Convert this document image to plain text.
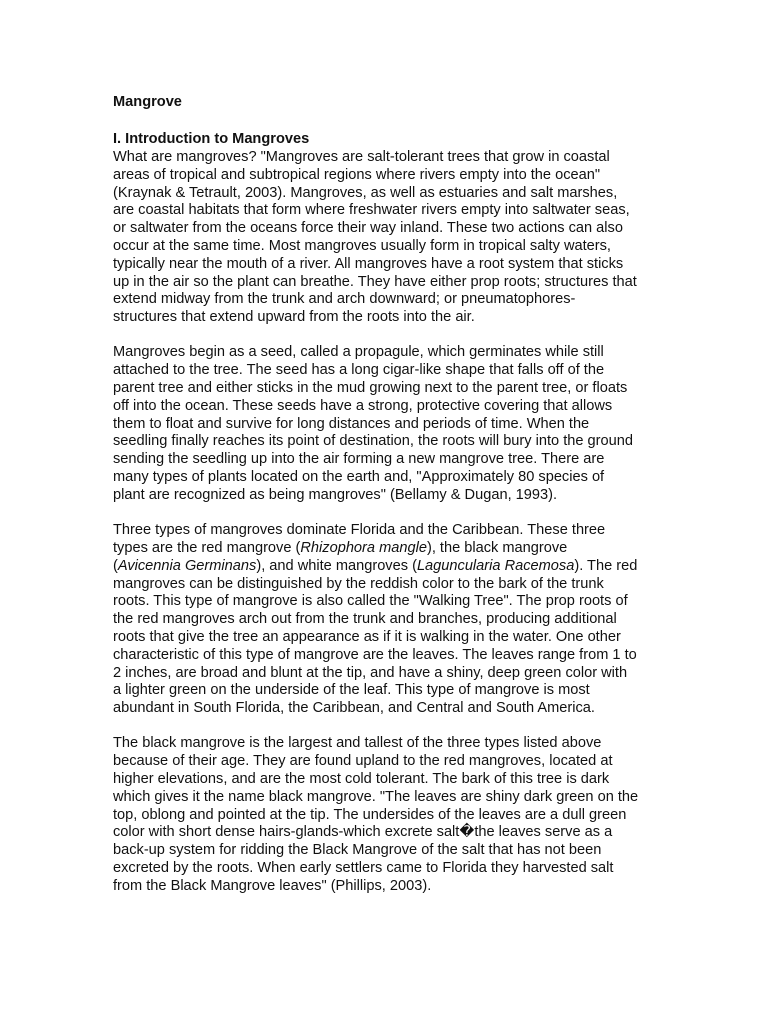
Mangrove

I. Introduction to Mangroves

What are mangroves? "Mangroves are salt-tolerant trees that grow in coastal
areas of tropical and subtropical regions where rivers empty into the ocean"
(Kraynak & Tetrault, 2003). Mangroves, as well as estuaries and salt marshes,
are coastal habitats that form where freshwater rivers empty into saltwater seas,
or saltwater from the oceans force their way inland. These two actions can also
occur at the same time. Most mangroves usually form in tropical salty waters,
typically near the mouth of a river. All mangroves have a root system that sticks
up in the air so the plant can breathe. They have either prop roots; structures that
extend midway from the trunk and arch downward; or pneumatophores-
structures that extend upward from the roots into the air.

Mangroves begin as a seed, called a propagule, which germinates while still
attached to the tree. The seed has a long cigar-like shape that falls off of the
parent tree and either sticks in the mud growing next to the parent tree, or floats
off into the ocean. These seeds have a strong, protective covering that allows
them to float and survive for long distances and periods of time. When the
seedling finally reaches its point of destination, the roots will bury into the ground
sending the seedling up into the air forming a new mangrove tree. There are
many types of plants located on the earth and, "Approximately 80 species of
plant are recognized as being mangroves" (Bellamy & Dugan, 1993).

Three types of mangroves dominate Florida and the Caribbean. These three
types are the red mangrove (Rhizophora mangle), the black mangrove
(Avicennia Germinans), and white mangroves (Laguncularia Racemosa). The red
mangroves can be distinguished by the reddish color to the bark of the trunk
roots. This type of mangrove is also called the "Walking Tree". The prop roots of
the red mangroves arch out from the trunk and branches, producing additional
roots that give the tree an appearance as if it is walking in the water. One other
characteristic of this type of mangrove are the leaves. The leaves range from 1 to
2 inches, are broad and blunt at the tip, and have a shiny, deep green color with
a lighter green on the underside of the leaf. This type of mangrove is most
abundant in South Florida, the Caribbean, and Central and South America.

The black mangrove is the largest and tallest of the three types listed above
because of their age. They are found upland to the red mangroves, located at
higher elevations, and are the most cold tolerant. The bark of this tree is dark
which gives it the name black mangrove. "The leaves are shiny dark green on the
top, oblong and pointed at the tip. The undersides of the leaves are a dull green
color with short dense hairs-glands-which excrete salt�the leaves serve as a
back-up system for ridding the Black Mangrove of the salt that has not been
excreted by the roots. When early settlers came to Florida they harvested salt
from the Black Mangrove leaves" (Phillips, 2003).
